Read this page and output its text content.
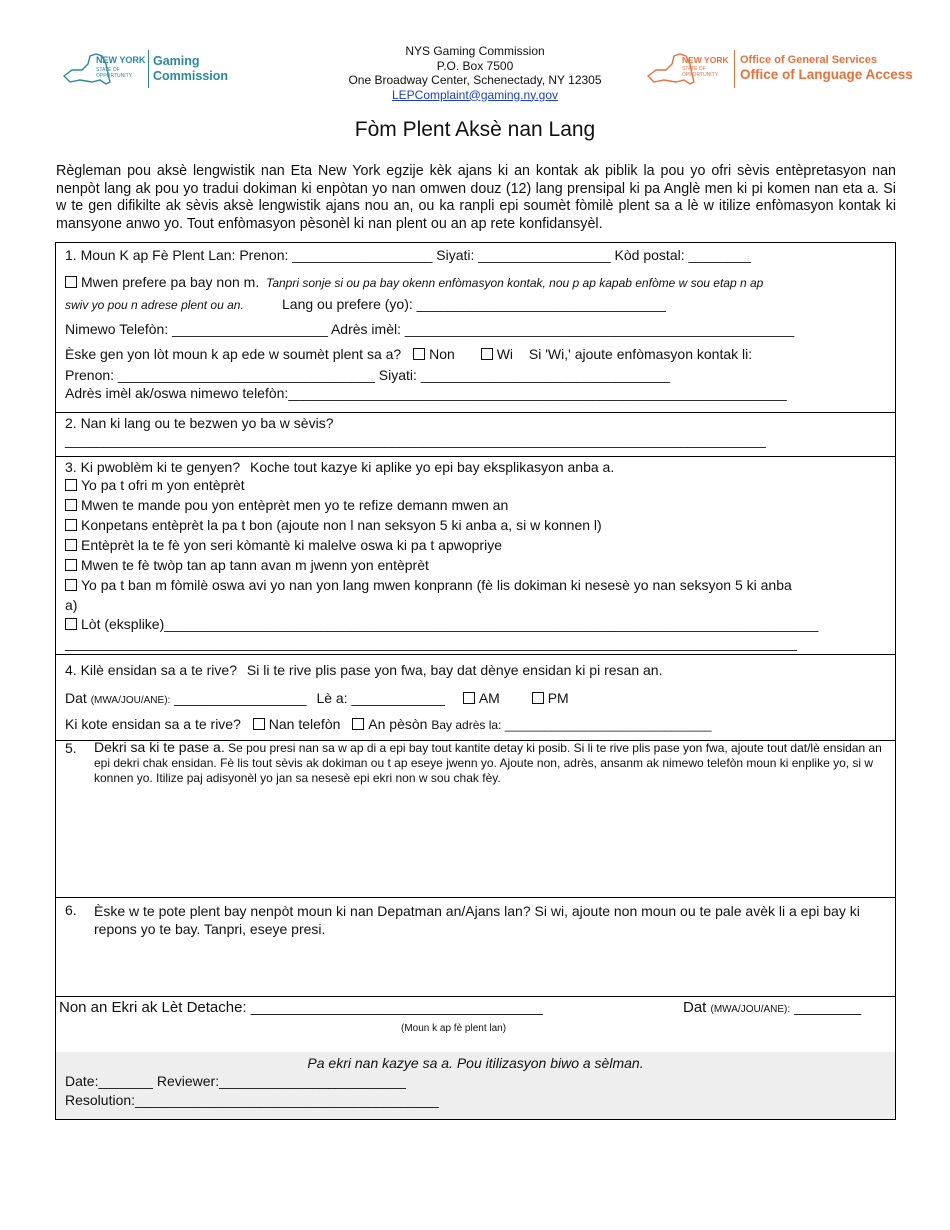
NEW YORK
STATE OF OPPORTUNITY.
Gaming
Commission
NYS Gaming Commission
P.O. Box 7500
One Broadway Center, Schenectady, NY 12305
LEPComplaint@gaming.ny.gov
NEW YORK
STATE OF OPPORTUNITY.
Office of General Services
Office of Language Access
Fòm Plent Aksè nan Lang
Règleman pou aksè lengwistik nan Eta New York egzije kèk ajans ki an kontak ak piblik la pou yo ofri sèvis entèpretasyon nan nenpòt lang ak pou yo tradui dokiman ki enpòtan yo nan omwen douz (12) lang prensipal ki pa Anglè men ki pi komen nan eta a. Si w te gen difikilte ak sèvis aksè lengwistik ajans nou an, ou ka ranpli epi soumèt fòmilè plent sa a lè w itilize enfòmasyon kontak ki mansyone anwo yo. Tout enfòmasyon pèsonèl ki nan plent ou an ap rete konfidansyèl.
1. Moun K ap Fè Plent Lan: Prenon: __________________ Siyati: _________________ Kòd postal: ________
Mwen prefere pa bay non m. Tanpri sonje si ou pa bay okenn enfòmasyon kontak, nou p ap kapab enfòme w sou etap n ap
swiv yo pou n adrese plent ou an.	Lang ou prefere (yo): ________________________________
Nimewo Telefòn: ____________________ Adrès imèl: __________________________________________________
Èske gen yon lòt moun k ap ede w soumèt plent sa a? Non	Wi Si 'Wi,' ajoute enfòmasyon kontak li:
Prenon: _________________________________ Siyati: ________________________________
Adrès imèl ak/oswa nimewo telefòn:________________________________________________________________
2. Nan ki lang ou te bezwen yo ba w sèvis?
__________________________________________________________________________________________
3. Ki pwoblèm ki te genyen? Koche tout kazye ki aplike yo epi bay eksplikasyon anba a.
Yo pa t ofri m yon entèprèt
Mwen te mande pou yon entèprèt men yo te refize demann mwen an
Konpetans entèprèt la pa t bon (ajoute non l nan seksyon 5 ki anba a, si w konnen l)
Entèprèt la te fè yon seri kòmantè ki malelve oswa ki pa t apwopriye
Mwen te fè twòp tan ap tann avan m jwenn yon entèprèt
Yo pa t ban m fòmilè oswa avi yo nan yon lang mwen konprann (fè lis dokiman ki nesesè yo nan seksyon 5 ki anba
a)
Lòt (eksplike)____________________________________________________________________________________
______________________________________________________________________________________________
4. Kilè ensidan sa a te rive? Si li te rive plis pase yon fwa, bay dat dènye ensidan ki pi resan an.
Dat (MWA/JOU/ANE): _________________ Lè a: ____________ AM	PM
Ki kote ensidan sa a te rive? Nan telefòn An pèsòn Bay adrès la: _______________________________
5. Dekri sa ki te pase a. Se pou presi nan sa w ap di a epi bay tout kantite detay ki posib. Si li te rive plis pase yon fwa, ajoute tout dat/lè ensidan an epi dekri chak ensidan. Fè lis tout sèvis ak dokiman ou t ap eseye jwenn yo. Ajoute non, adrès, ansanm ak nimewo telefòn moun ki enplike yo, si w konnen yo. Itilize paj adisyonèl yo jan sa nesesè epi ekri non w sou chak fèy.
6. Èske w te pote plent bay nenpòt moun ki nan Depatman an/Ajans lan? Si wi, ajoute non moun ou te pale avèk li a epi bay ki repons yo te bay. Tanpri, eseye presi.
Non an Ekri ak Lèt Detache: ___________________________________	Dat (MWA/JOU/ANE): ________
(Moun k ap fè plent lan)
Pa ekri nan kazye sa a. Pou itilizasyon biwo a sèlman.
Date:_______ Reviewer:________________________
Resolution:_______________________________________
